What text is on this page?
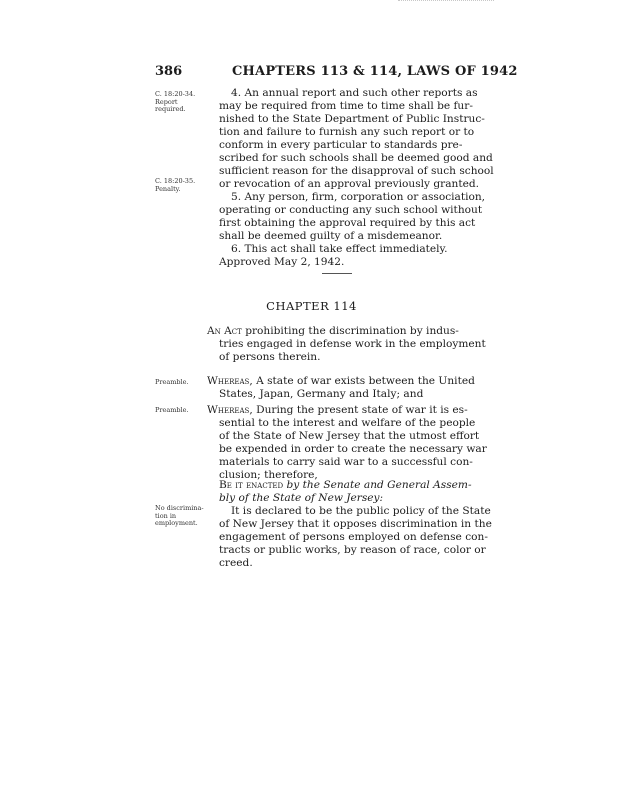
386	CHAPTERS 113 & 114, LAWS OF 1942
C. 18:20-34.
Report
required.
C. 18:20-35.
Penalty.
Preamble.
Preamble.
No discrimina-
tion in
employment.
4. An annual report and such other reports as
may be required from time to time shall be fur-
nished to the State Department of Public Instruc-
tion and failure to furnish any such report or to
conform in every particular to standards pre-
scribed for such schools shall be deemed good and
sufficient reason for the disapproval of such school
or revocation of an approval previously granted.
5. Any person, firm, corporation or association,
operating or conducting any such school without
first obtaining the approval required by this act
shall be deemed guilty of a misdemeanor.
6. This act shall take effect immediately.
Approved May 2, 1942.
CHAPTER 114
An Act prohibiting the discrimination by indus-
tries engaged in defense work in the employment
of persons therein.
Whereas, A state of war exists between the United
States, Japan, Germany and Italy; and
Whereas, During the present state of war it is es-
sential to the interest and welfare of the people
of the State of New Jersey that the utmost effort
be expended in order to create the necessary war
materials to carry said war to a successful con-
clusion; therefore,
Be it enacted by the Senate and General Assem-
bly of the State of New Jersey:
It is declared to be the public policy of the State
of New Jersey that it opposes discrimination in the
engagement of persons employed on defense con-
tracts or public works, by reason of race, color or
creed.
